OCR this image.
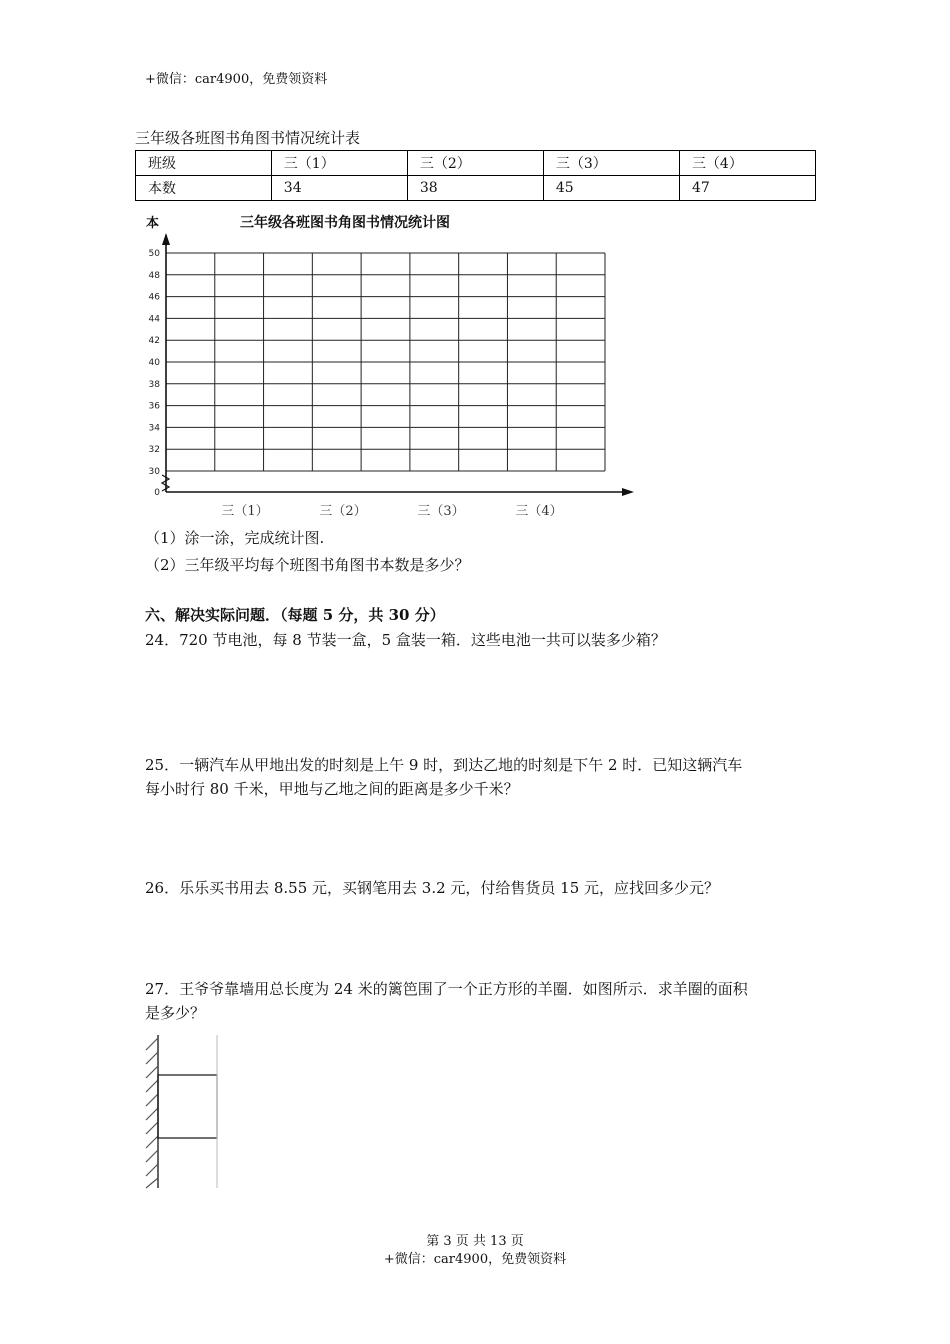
+微信：car4900，免费领资料
三年级各班图书角图书情况统计表
班级	三（1）	三（2）	三（3）	三（4）
本数	34	38	45	47
30
32
34
36
38
40
42
44
46
48
50
0
本	三年级各班图书角图书情况统计图
三（1）	三（2）	三（3）	三（4）
（1）涂一涂，完成统计图.
（2）三年级平均每个班图书角图书本数是多少？
六、解决实际问题．（每题 5 分，共 30 分）
24．720 节电池，每 8 节装一盒，5 盒装一箱．这些电池一共可以装多少箱？
25．一辆汽车从甲地出发的时刻是上午 9 时，到达乙地的时刻是下午 2 时．已知这辆汽车
每小时行 80 千米，甲地与乙地之间的距离是多少千米？
26．乐乐买书用去 8.55 元，买钢笔用去 3.2 元，付给售货员 15 元，应找回多少元？
27．王爷爷靠墙用总长度为 24 米的篱笆围了一个正方形的羊圈．如图所示．求羊圈的面积
是多少？
第 3 页 共 13 页
+微信：car4900，免费领资料
